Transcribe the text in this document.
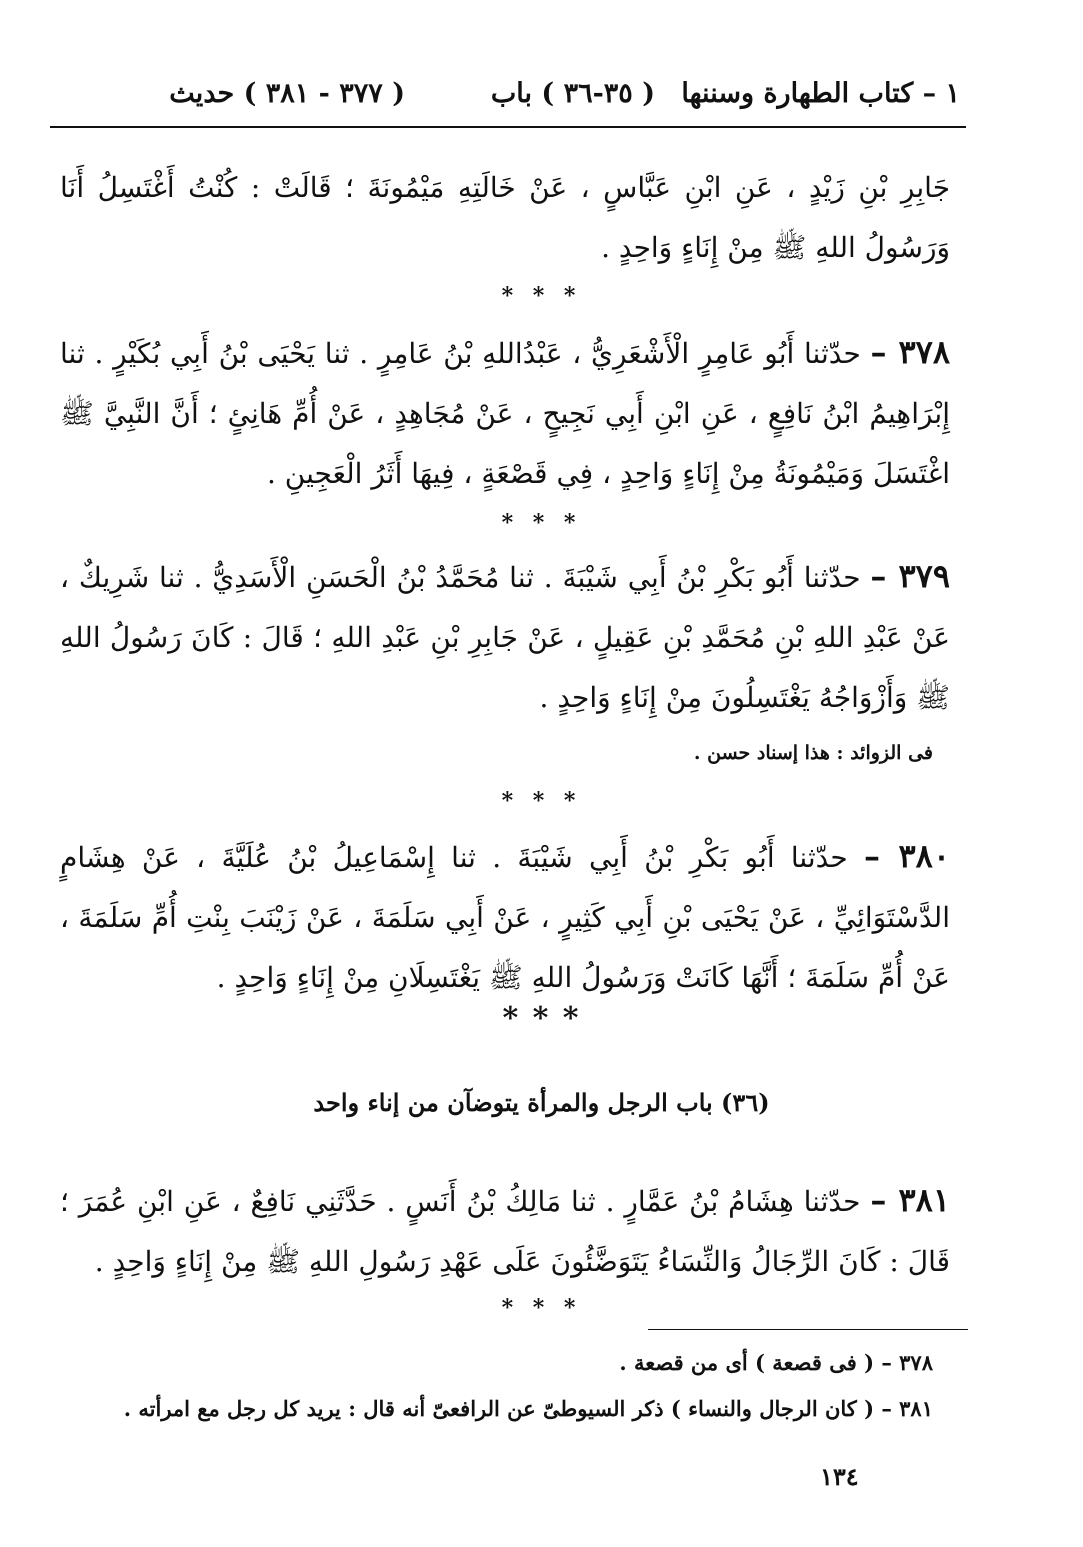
١ – كتاب الطهارة وسننها
( ٣٥-٣٦ ) باب
( ٣٧٧ - ٣٨١ ) حديث
جَابِرِ بْنِ زَيْدٍ ، عَنِ ابْنِ عَبَّاسٍ ، عَنْ خَالَتِهِ مَيْمُونَةَ ؛ قَالَتْ : كُنْتُ أَغْتَسِلُ أَنَا وَرَسُولُ اللهِ ﷺ مِنْ إِنَاءٍ وَاحِدٍ .
* * *
٣٧٨ – حدّثنا أَبُو عَامِرٍ الْأَشْعَرِيُّ ، عَبْدُاللهِ بْنُ عَامِرٍ . ثنا يَحْيَى بْنُ أَبِي بُكَيْرٍ . ثنا إِبْرَاهِيمُ ابْنُ نَافِعٍ ، عَنِ ابْنِ أَبِي نَجِيحٍ ، عَنْ مُجَاهِدٍ ، عَنْ أُمِّ هَانِئٍ ؛ أَنَّ النَّبِيَّ ﷺ اغْتَسَلَ وَمَيْمُونَةُ مِنْ إِنَاءٍ وَاحِدٍ ، فِي قَصْعَةٍ ، فِيهَا أَثَرُ الْعَجِينِ .
* * *
٣٧٩ – حدّثنا أَبُو بَكْرِ بْنُ أَبِي شَيْبَةَ . ثنا مُحَمَّدُ بْنُ الْحَسَنِ الْأَسَدِيُّ . ثنا شَرِيكٌ ، عَنْ عَبْدِ اللهِ بْنِ مُحَمَّدِ بْنِ عَقِيلٍ ، عَنْ جَابِرِ بْنِ عَبْدِ اللهِ ؛ قَالَ : كَانَ رَسُولُ اللهِ ﷺ وَأَزْوَاجُهُ يَغْتَسِلُونَ مِنْ إِنَاءٍ وَاحِدٍ .
فى الزوائد : هذا إسناد حسن .
* * *
٣٨٠ – حدّثنا أَبُو بَكْرِ بْنُ أَبِي شَيْبَةَ . ثنا إِسْمَاعِيلُ بْنُ عُلَيَّةَ ، عَنْ هِشَامٍ الدَّسْتَوَائِيِّ ، عَنْ يَحْيَى بْنِ أَبِي كَثِيرٍ ، عَنْ أَبِي سَلَمَةَ ، عَنْ زَيْنَبَ بِنْتِ أُمِّ سَلَمَةَ ، عَنْ أُمِّ سَلَمَةَ ؛ أَنَّهَا كَانَتْ وَرَسُولُ اللهِ ﷺ يَغْتَسِلَانِ مِنْ إِنَاءٍ وَاحِدٍ .
* * *
(٣٦) باب الرجل والمرأة يتوضآن من إناء واحد
٣٨١ – حدّثنا هِشَامُ بْنُ عَمَّارٍ . ثنا مَالِكُ بْنُ أَنَسٍ . حَدَّثَنِي نَافِعٌ ، عَنِ ابْنِ عُمَرَ ؛ قَالَ : كَانَ الرِّجَالُ وَالنِّسَاءُ يَتَوَضَّئُونَ عَلَى عَهْدِ رَسُولِ اللهِ ﷺ مِنْ إِنَاءٍ وَاحِدٍ .
* * *
٣٧٨ – ( فى قصعة ) أى من قصعة .
٣٨١ – ( كان الرجال والنساء ) ذكر السيوطىّ عن الرافعىّ أنه قال : يريد كل رجل مع امرأته .
١٣٤
